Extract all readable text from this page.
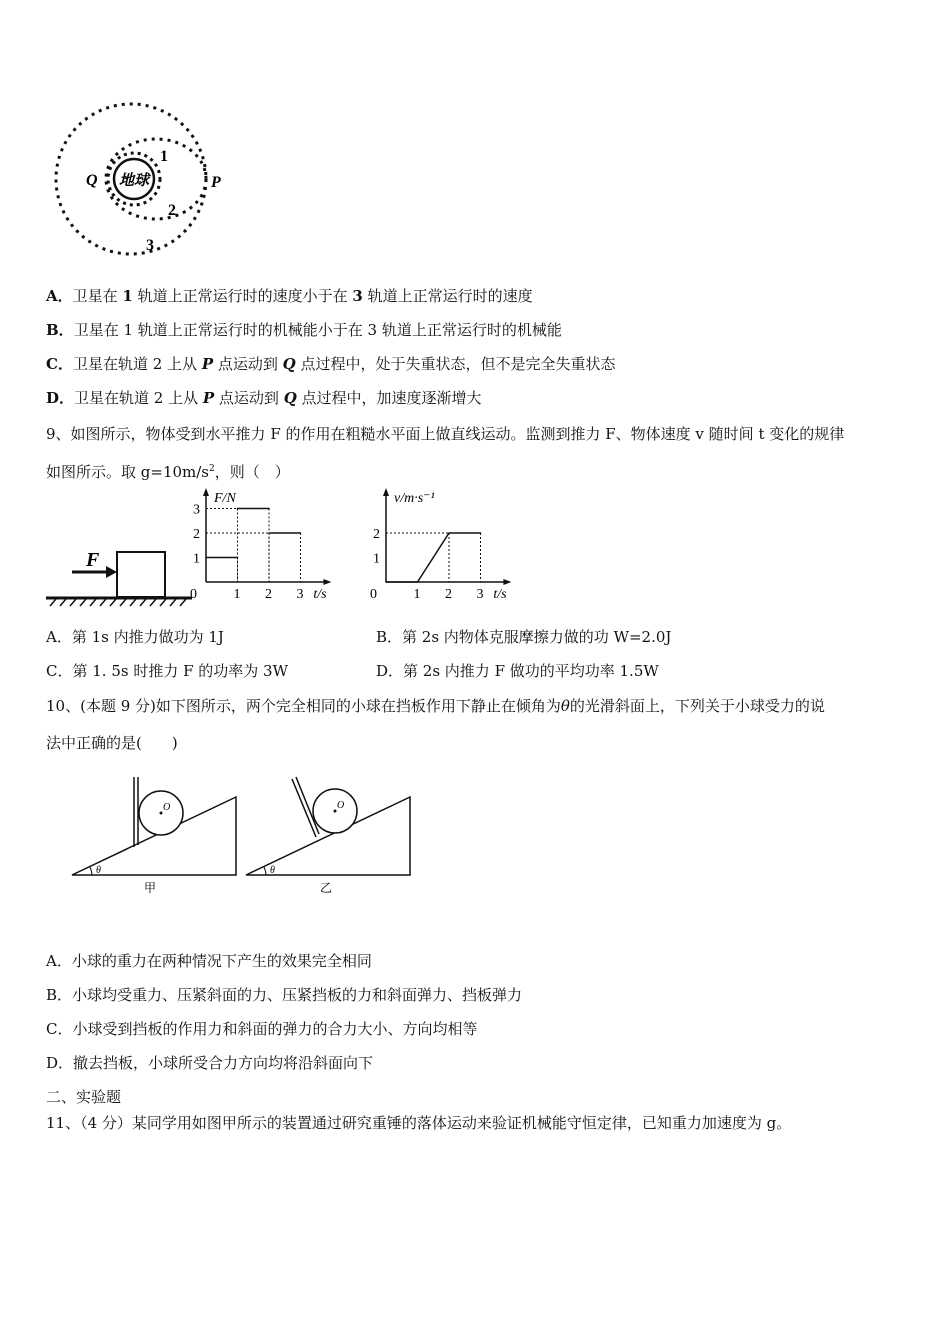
地球
Q	P
1
2
3
A．卫星在 1 轨道上正常运行时的速度小于在 3 轨道上正常运行时的速度
B．卫星在 1 轨道上正常运行时的机械能小于在 3 轨道上正常运行时的机械能
C．卫星在轨道 2 上从 P 点运动到 Q 点过程中，处于失重状态，但不是完全失重状态
D．卫星在轨道 2 上从 P 点运动到 Q 点过程中，加速度逐渐增大
9、如图所示，物体受到水平推力 F 的作用在粗糙水平面上做直线运动。监测到推力 F、物体速度 v 随时间 t 变化的规律
如图所示。取 $g=10m/s^2$，则（　）
F
F/N
t/s
0	1 2 3
1
2
3
v/m·s⁻¹
t/s
0	1 2 3
1
2
A．第 1s 内推力做功为 1J	B．第 2s 内物体克服摩擦力做的功 W=2.0J
C．第 1. 5s 时推力 F 的功率为 3W	D．第 2s 内推力 F 做功的平均功率 1.5W
10、(本题 9 分)如下图所示，两个完全相同的小球在挡板作用下静止在倾角为θ的光滑斜面上，下列关于小球受力的说
法中正确的是(　　)
O
θ
甲
O
θ
乙
A．小球的重力在两种情况下产生的效果完全相同
B．小球均受重力、压紧斜面的力、压紧挡板的力和斜面弹力、挡板弹力
C．小球受到挡板的作用力和斜面的弹力的合力大小、方向均相等
D．撤去挡板，小球所受合力方向均将沿斜面向下
二、实验题
11、（4 分）某同学用如图甲所示的装置通过研究重锤的落体运动来验证机械能守恒定律，已知重力加速度为 g。
